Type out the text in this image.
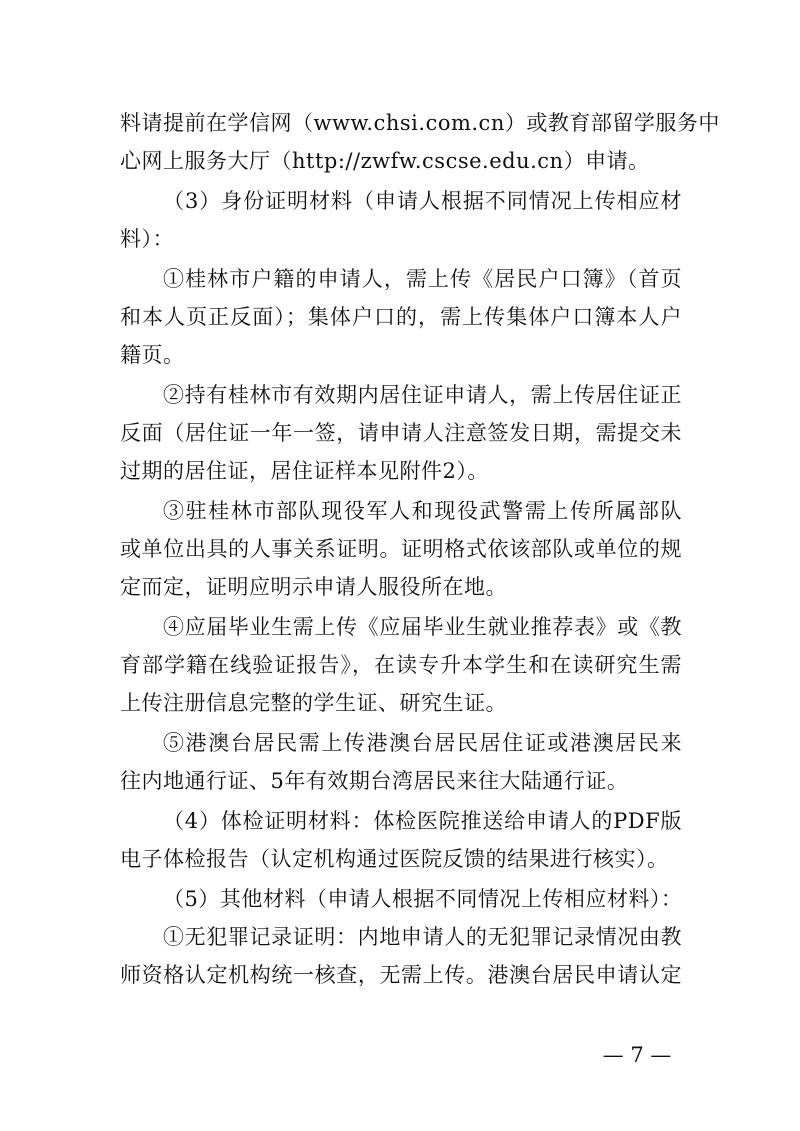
料请提前在学信网（www.chsi.com.cn）或教育部留学服务中
心网上服务大厅（http://zwfw.cscse.edu.cn）申请。
（3）身份证明材料（申请人根据不同情况上传相应材
料）：
①桂林市户籍的申请人，需上传《居民户口簿》（首页
和本人页正反面）；集体户口的，需上传集体户口簿本人户
籍页。
②持有桂林市有效期内居住证申请人，需上传居住证正
反面（居住证一年一签，请申请人注意签发日期，需提交未
过期的居住证，居住证样本见附件2）。
③驻桂林市部队现役军人和现役武警需上传所属部队
或单位出具的人事关系证明。证明格式依该部队或单位的规
定而定，证明应明示申请人服役所在地。
④应届毕业生需上传《应届毕业生就业推荐表》或《教
育部学籍在线验证报告》，在读专升本学生和在读研究生需
上传注册信息完整的学生证、研究生证。
⑤港澳台居民需上传港澳台居民居住证或港澳居民来
往内地通行证、5年有效期台湾居民来往大陆通行证。
（4）体检证明材料：体检医院推送给申请人的PDF版
电子体检报告（认定机构通过医院反馈的结果进行核实）。
（5）其他材料（申请人根据不同情况上传相应材料）：
①无犯罪记录证明：内地申请人的无犯罪记录情况由教
师资格认定机构统一核查，无需上传。港澳台居民申请认定
— 7 —
